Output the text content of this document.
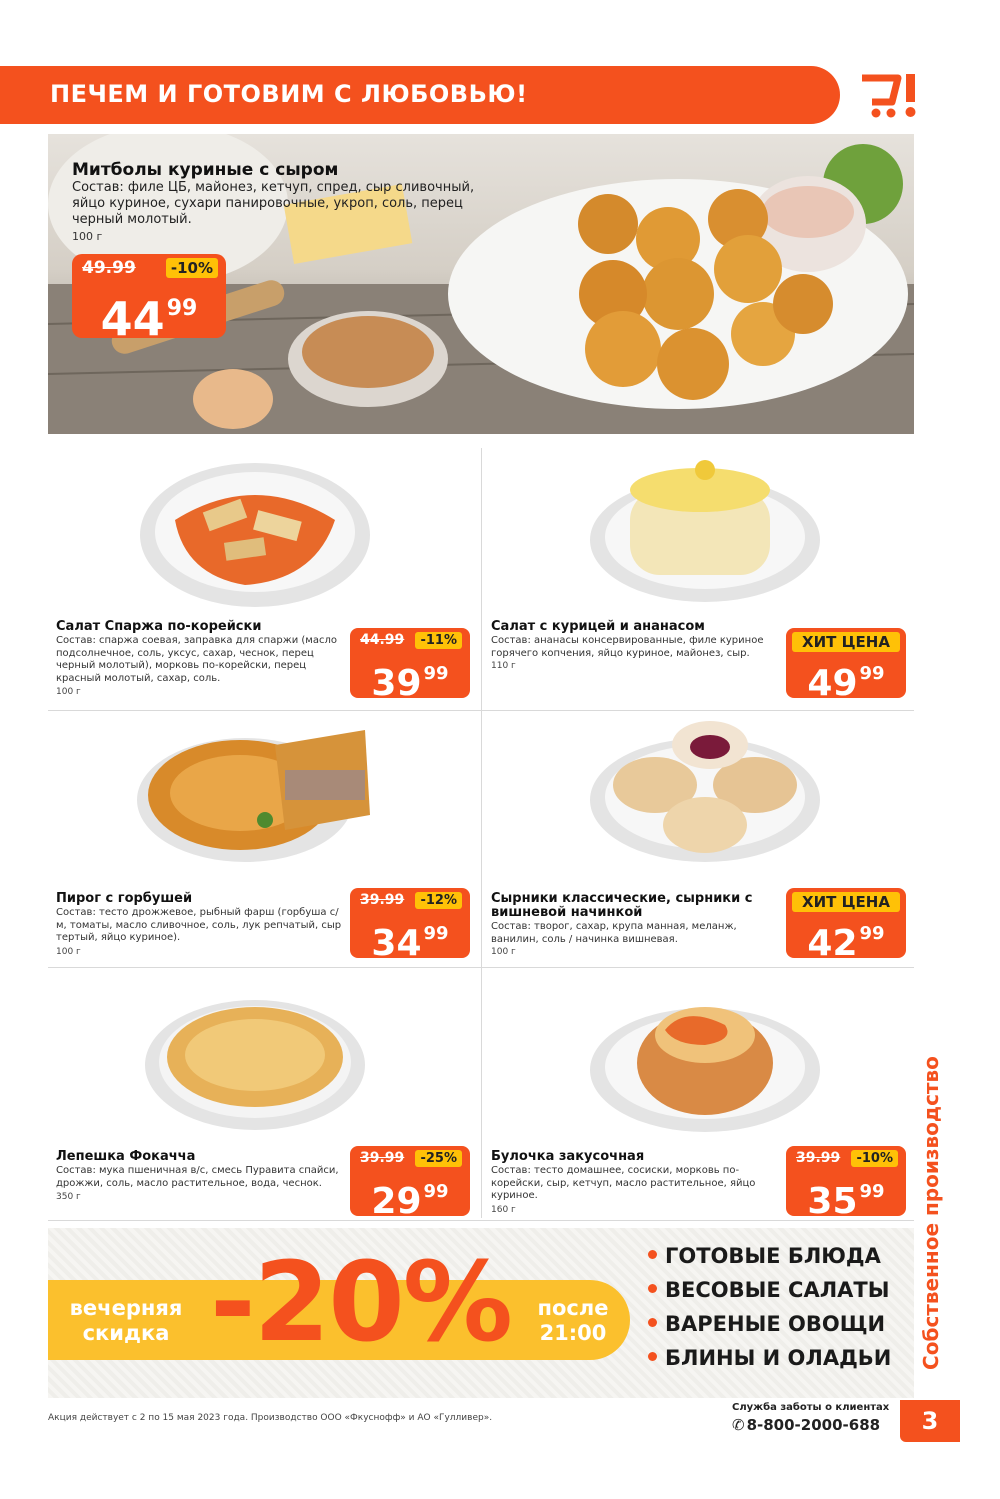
ПЕЧЕМ И ГОТОВИМ С ЛЮБОВЬЮ!
Митболы куриные с сыром
Состав: филе ЦБ, майонез, кетчуп, спред, сыр сливочный, яйцо куриное, сухари панировочные, укроп, соль, перец черный молотый.
100 г
49.99	-10%
$44^{99}$
Салат Спаржа по-корейски
Состав: спаржа соевая, заправка для спаржи (масло подсолнечное, соль, уксус, сахар, чеснок, перец черный молотый), морковь по-корейски, перец красный молотый, сахар, соль.
100 г
44.99	-11%
39 $^{99}$
Салат с курицей и ананасом
Состав: ананасы консервированные, филе куриное горячего копчения, яйцо куриное, майонез, сыр.
110 г
ХИТ ЦЕНА
49 $^{99}$
Пирог с горбушей
Состав: тесто дрожжевое, рыбный фарш (горбуша с/м, томаты, масло сливочное, соль, лук репчатый, сыр тертый, яйцо куриное).
100 г
39.99	-12%
34 $^{99}$
Сырники классические, сырники с вишневой начинкой
Состав: творог, сахар, крупа манная, меланж, ванилин, соль / начинка вишневая.
100 г
ХИТ ЦЕНА
42 $^{99}$
Лепешка Фокачча
Состав: мука пшеничная в/с, смесь Пуравита спайси, дрожжи, соль, масло растительное, вода, чеснок.
350 г
39.99	-25%
29 $^{99}$
Булочка закусочная
Состав: тесто домашнее, сосиски, морковь по-корейски, сыр, кетчуп, масло растительное, яйцо куриное.
160 г
39.99	-10%
35 $^{99}$
вечерняя скидка -20%	после 21:00
ГОТОВЫЕ БЛЮДА
ВЕСОВЫЕ САЛАТЫ
ВАРЕНЫЕ ОВОЩИ
БЛИНЫ И ОЛАДЬИ Собственное производство
3
Акция действует с 2 по 15 мая 2023 года. Производство ООО «Фкуснофф» и АО «Гулливер».
Служба заботы о клиентах
✆ 8-800-2000-688
